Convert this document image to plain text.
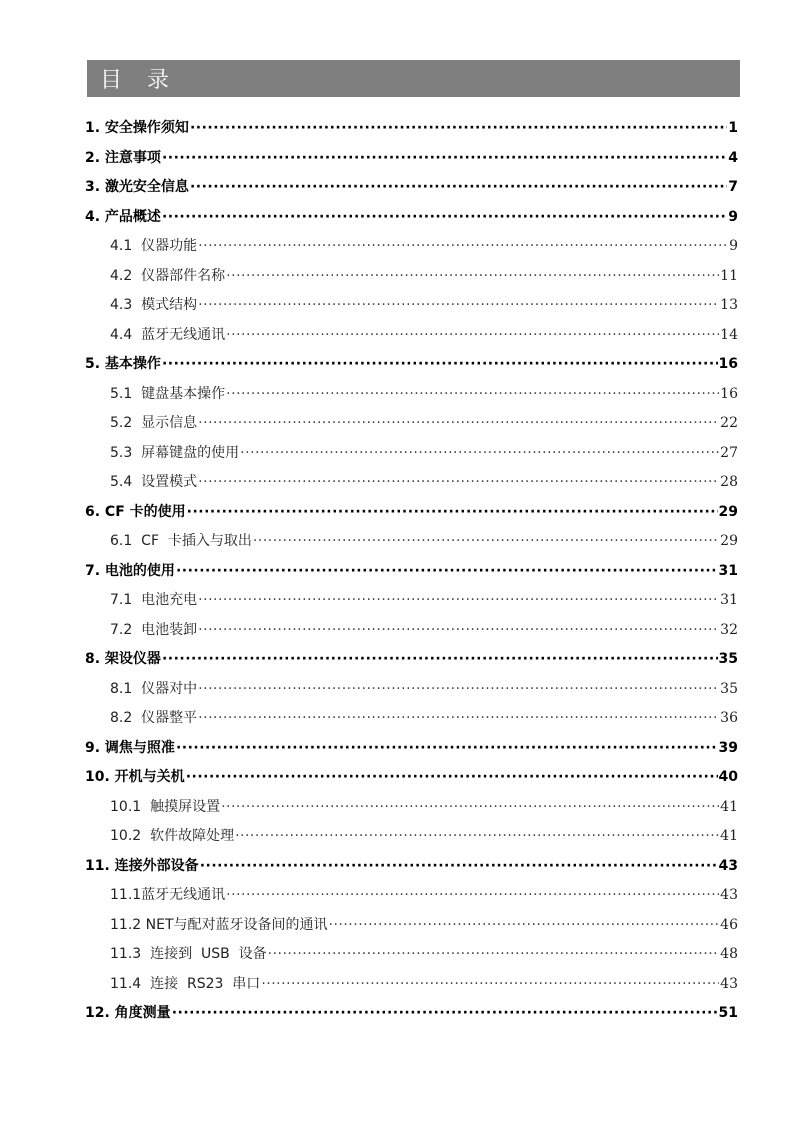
目 录
1. 安全操作须知 ·····	1
2. 注意事项 ·····	4
3. 激光安全信息 ·····	7
4. 产品概述 ·····	9
4.1  仪器功能 ·····	9
4.2  仪器部件名称 ·····	11
4.3  模式结构 ·····	13
4.4  蓝牙无线通讯 ·····	14
5. 基本操作 ·····	16
5.1  键盘基本操作 ·····	16
5.2  显示信息 ·····	22
5.3  屏幕键盘的使用 ·····	27
5.4  设置模式 ·····	28
6. CF 卡的使用 ·····	29
6.1  CF  卡插入与取出 ·····	29
7. 电池的使用 ·····	31
7.1  电池充电 ·····	31
7.2  电池装卸 ·····	32
8. 架设仪器 ·····	35
8.1  仪器对中 ·····	35
8.2  仪器整平 ·····	36
9. 调焦与照准 ·····	39
10. 开机与关机 ·····	40
10.1  触摸屏设置 ·····	41
10.2  软件故障处理 ·····	41
11. 连接外部设备 ·····	43
11.1蓝牙无线通讯 ·····	43
11.2 NET与配对蓝牙设备间的通讯 ·····	46
11.3  连接到  USB  设备 ·····	48
11.4  连接  RS23  串口 ·····	43
12. 角度测量 ·····	51
